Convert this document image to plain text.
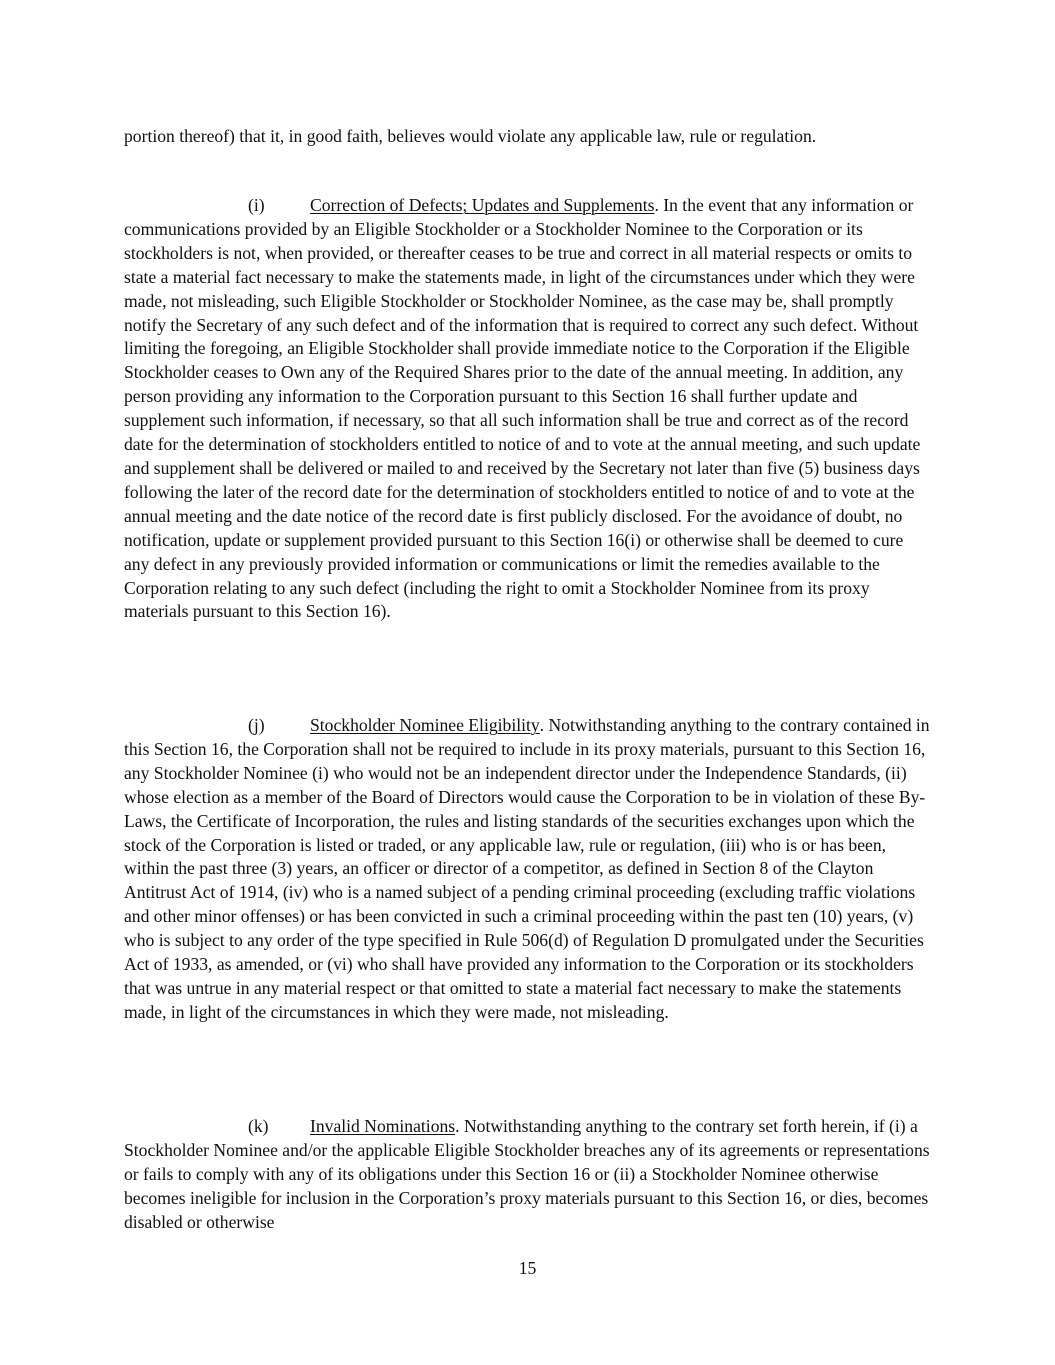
portion thereof) that it, in good faith, believes would violate any applicable law, rule or regulation.

(i)	Correction of Defects; Updates and Supplements. In the event that any information or communications provided by an Eligible Stockholder or a Stockholder Nominee to the Corporation or its stockholders is not, when provided, or thereafter ceases to be true and correct in all material respects or omits to state a material fact necessary to make the statements made, in light of the circumstances under which they were made, not misleading, such Eligible Stockholder or Stockholder Nominee, as the case may be, shall promptly notify the Secretary of any such defect and of the information that is required to correct any such defect. Without limiting the foregoing, an Eligible Stockholder shall provide immediate notice to the Corporation if the Eligible Stockholder ceases to Own any of the Required Shares prior to the date of the annual meeting. In addition, any person providing any information to the Corporation pursuant to this Section 16 shall further update and supplement such information, if necessary, so that all such information shall be true and correct as of the record date for the determination of stockholders entitled to notice of and to vote at the annual meeting, and such update and supplement shall be delivered or mailed to and received by the Secretary not later than five (5) business days following the later of the record date for the determination of stockholders entitled to notice of and to vote at the annual meeting and the date notice of the record date is first publicly disclosed. For the avoidance of doubt, no notification, update or supplement provided pursuant to this Section 16(i) or otherwise shall be deemed to cure any defect in any previously provided information or communications or limit the remedies available to the Corporation relating to any such defect (including the right to omit a Stockholder Nominee from its proxy materials pursuant to this Section 16).

(j)	Stockholder Nominee Eligibility. Notwithstanding anything to the contrary contained in this Section 16, the Corporation shall not be required to include in its proxy materials, pursuant to this Section 16, any Stockholder Nominee (i) who would not be an independent director under the Independence Standards, (ii) whose election as a member of the Board of Directors would cause the Corporation to be in violation of these By-Laws, the Certificate of Incorporation, the rules and listing standards of the securities exchanges upon which the stock of the Corporation is listed or traded, or any applicable law, rule or regulation, (iii) who is or has been, within the past three (3) years, an officer or director of a competitor, as defined in Section 8 of the Clayton Antitrust Act of 1914, (iv) who is a named subject of a pending criminal proceeding (excluding traffic violations and other minor offenses) or has been convicted in such a criminal proceeding within the past ten (10) years, (v) who is subject to any order of the type specified in Rule 506(d) of Regulation D promulgated under the Securities Act of 1933, as amended, or (vi) who shall have provided any information to the Corporation or its stockholders that was untrue in any material respect or that omitted to state a material fact necessary to make the statements made, in light of the circumstances in which they were made, not misleading.

(k) Invalid Nominations. Notwithstanding anything to the contrary set forth herein, if (i) a Stockholder Nominee and/or the applicable Eligible Stockholder breaches any of its agreements or representations or fails to comply with any of its obligations under this Section 16 or (ii) a Stockholder Nominee otherwise becomes ineligible for inclusion in the Corporation’s proxy materials pursuant to this Section 16, or dies, becomes disabled or otherwise

15
